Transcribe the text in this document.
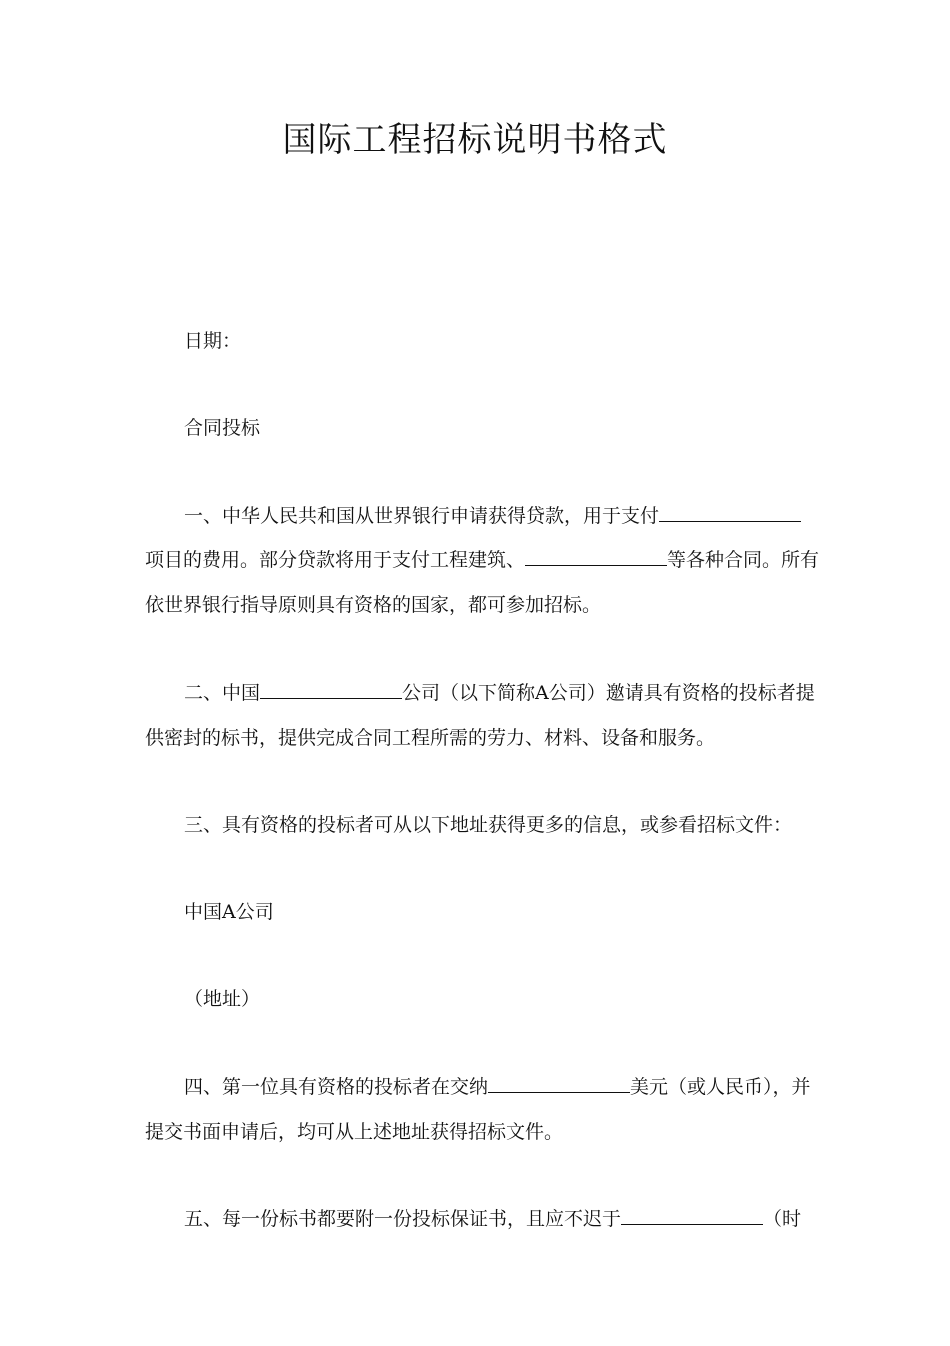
国际工程招标说明书格式
日期：
合同投标
一、中华人民共和国从世界银行申请获得贷款，用于支付
项目的费用。部分贷款将用于支付工程建筑、	等各种合同。所有
依世界银行指导原则具有资格的国家，都可参加招标。
二、中国	公司（以下简称A公司）邀请具有资格的投标者提
供密封的标书，提供完成合同工程所需的劳力、材料、设备和服务。
三、具有资格的投标者可从以下地址获得更多的信息，或参看招标文件：
中国A公司
（地址）
四、第一位具有资格的投标者在交纳	美元（或人民币），并
提交书面申请后，均可从上述地址获得招标文件。
五、每一份标书都要附一份投标保证书，且应不迟于	（时
